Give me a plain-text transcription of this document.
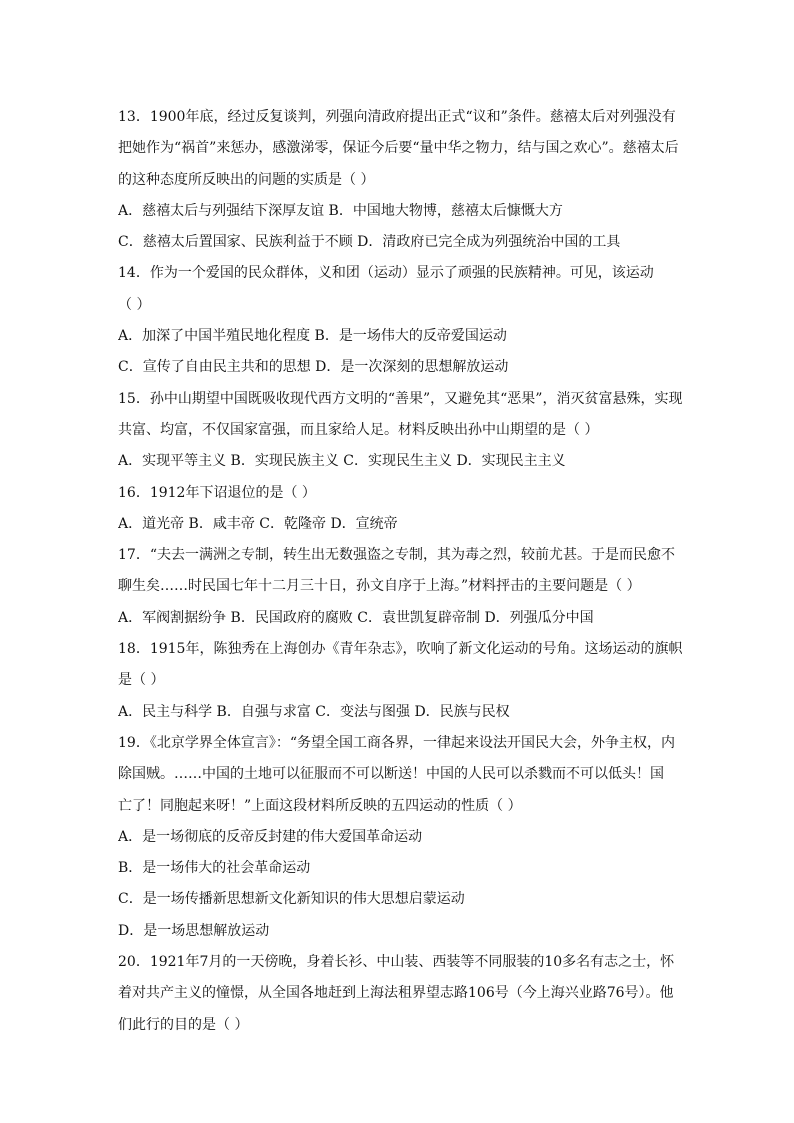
13．1900年底，经过反复谈判，列强向清政府提出正式“议和”条件。慈禧太后对列强没有
把她作为“祸首”来惩办，感激涕零，保证今后要“量中华之物力，结与国之欢心”。慈禧太后
的这种态度所反映出的问题的实质是（ ）
A．慈禧太后与列强结下深厚友谊 B．中国地大物博，慈禧太后慷慨大方
C．慈禧太后置国家、民族利益于不顾 D．清政府已完全成为列强统治中国的工具
14．作为一个爱国的民众群体，义和团（运动）显示了顽强的民族精神。可见，该运动
（ ）
A．加深了中国半殖民地化程度 B．是一场伟大的反帝爱国运动
C．宣传了自由民主共和的思想 D．是一次深刻的思想解放运动
15．孙中山期望中国既吸收现代西方文明的“善果”，又避免其“恶果”，消灭贫富悬殊，实现
共富、均富，不仅国家富强，而且家给人足。材料反映出孙中山期望的是（ ）
A．实现平等主义 B．实现民族主义 C．实现民生主义 D．实现民主主义
16．1912年下诏退位的是（ ）
A．道光帝 B．咸丰帝 C．乾隆帝 D．宣统帝
17．“夫去一满洲之专制，转生出无数强盗之专制，其为毒之烈，较前尤甚。于是而民愈不
聊生矣……时民国七年十二月三十日，孙文自序于上海。”材料抨击的主要问题是（ ）
A．军阀割据纷争 B．民国政府的腐败 C．袁世凯复辟帝制 D．列强瓜分中国
18．1915年，陈独秀在上海创办《青年杂志》，吹响了新文化运动的号角。这场运动的旗帜
是（ ）
A．民主与科学 B．自强与求富 C．变法与图强 D．民族与民权
19．《北京学界全体宣言》：“务望全国工商各界，一律起来设法开国民大会，外争主权，内
除国贼。……中国的土地可以征服而不可以断送！中国的人民可以杀戮而不可以低头！国
亡了！同胞起来呀！”上面这段材料所反映的五四运动的性质（ ）
A．是一场彻底的反帝反封建的伟大爱国革命运动
B．是一场伟大的社会革命运动
C．是一场传播新思想新文化新知识的伟大思想启蒙运动
D．是一场思想解放运动
20．1921年7月的一天傍晚，身着长衫、中山装、西装等不同服装的10多名有志之士，怀
着对共产主义的憧憬，从全国各地赶到上海法租界望志路106号（今上海兴业路76号）。他
们此行的目的是（ ）
